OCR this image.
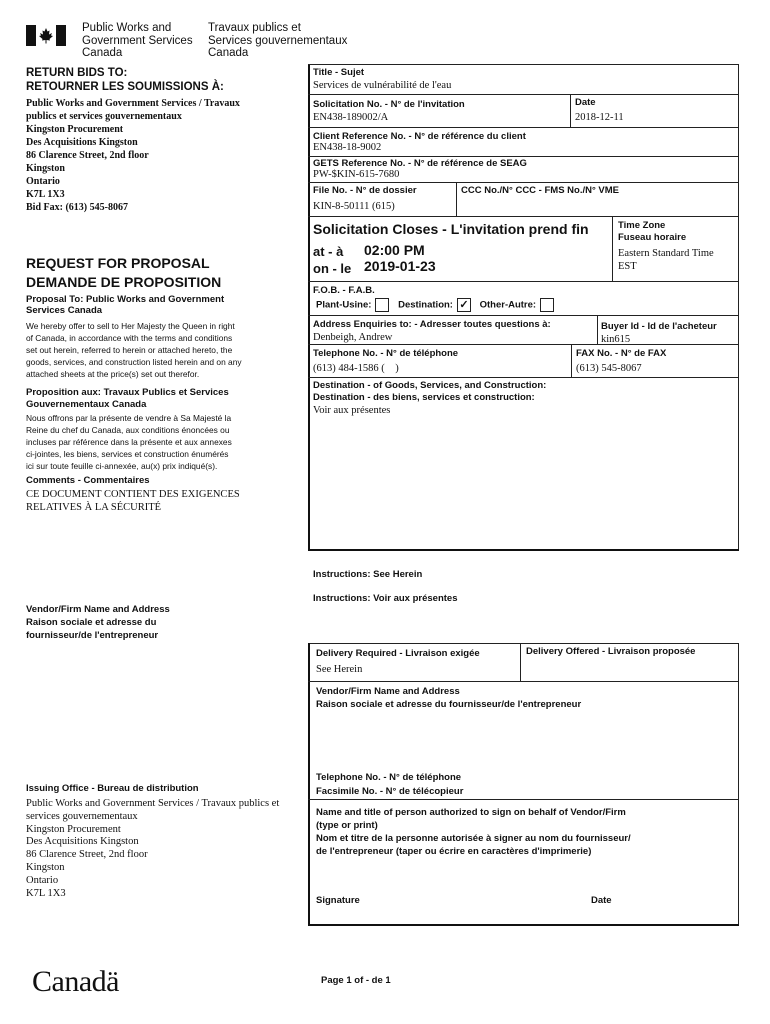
Public Works and
Government Services
Canada
Travaux publics et
Services gouvernementaux
Canada
RETURN BIDS TO:
RETOURNER LES SOUMISSIONS À:
Public Works and Government Services / Travaux
publics et services gouvernementaux
Kingston Procurement
Des Acquisitions Kingston
86 Clarence Street, 2nd floor
Kingston
Ontario
K7L 1X3
Bid Fax: (613) 545-8067
REQUEST FOR PROPOSAL
DEMANDE DE PROPOSITION
Proposal To: Public Works and Government
Services Canada
We hereby offer to sell to Her Majesty the Queen in right
of Canada, in accordance with the terms and conditions
set out herein, referred to herein or attached hereto, the
goods, services, and construction listed herein and on any
attached sheets at the price(s) set out therefor.
Proposition aux: Travaux Publics et Services
Gouvernementaux Canada
Nous offrons par la présente de vendre à Sa Majesté la
Reine du chef du Canada, aux conditions énoncées ou
incluses par référence dans la présente et aux annexes
ci-jointes, les biens, services et construction énumérés
ici sur toute feuille ci-annexée, au(x) prix indiqué(s).
Comments - Commentaires
CE DOCUMENT CONTIENT DES EXIGENCES
RELATIVES À LA SÉCURITÉ
Vendor/Firm Name and Address
Raison sociale et adresse du
fournisseur/de l'entrepreneur
Issuing Office - Bureau de distribution
Public Works and Government Services / Travaux publics et
services gouvernementaux
Kingston Procurement
Des Acquisitions Kingston
86 Clarence Street, 2nd floor
Kingston
Ontario
K7L 1X3
Canadä	Page 1 of - de 1
Title - Sujet
Services de vulnérabilité de l'eau
Solicitation No. - N° de l'invitation
EN438-189002/A
Date
2018-12-11
Client Reference No. - N° de référence du client
EN438-18-9002
GETS Reference No. - N° de référence de SEAG
PW-$KIN-615-7680
File No. - N° de dossier
KIN-8-50111 (615)
CCC No./N° CCC - FMS No./N° VME
Solicitation Closes - L'invitation prend fin
at - à 02:00 PM
on - le 2019-01-23
Time Zone
Fuseau horaire
Eastern Standard Time
EST
F.O.B. - F.A.B.
Plant-Usine:	Destination: ✓ Other-Autre:
Address Enquiries to: - Adresser toutes questions à:
Denbeigh, Andrew
Buyer Id - Id de l'acheteur
kin615
Telephone No. - N° de téléphone
(613) 484-1586 (    )
FAX No. - N° de FAX
(613) 545-8067
Destination - of Goods, Services, and Construction:
Destination - des biens, services et construction:
Voir aux présentes
Instructions: See Herein
Instructions: Voir aux présentes
Delivery Required - Livraison exigée
See Herein
Delivery Offered - Livraison proposée
Vendor/Firm Name and Address
Raison sociale et adresse du fournisseur/de l'entrepreneur
Telephone No. - N° de téléphone
Facsimile No. - N° de télécopieur
Name and title of person authorized to sign on behalf of Vendor/Firm
(type or print)
Nom et titre de la personne autorisée à signer au nom du fournisseur/
de l'entrepreneur (taper ou écrire en caractères d'imprimerie)
Signature	Date
